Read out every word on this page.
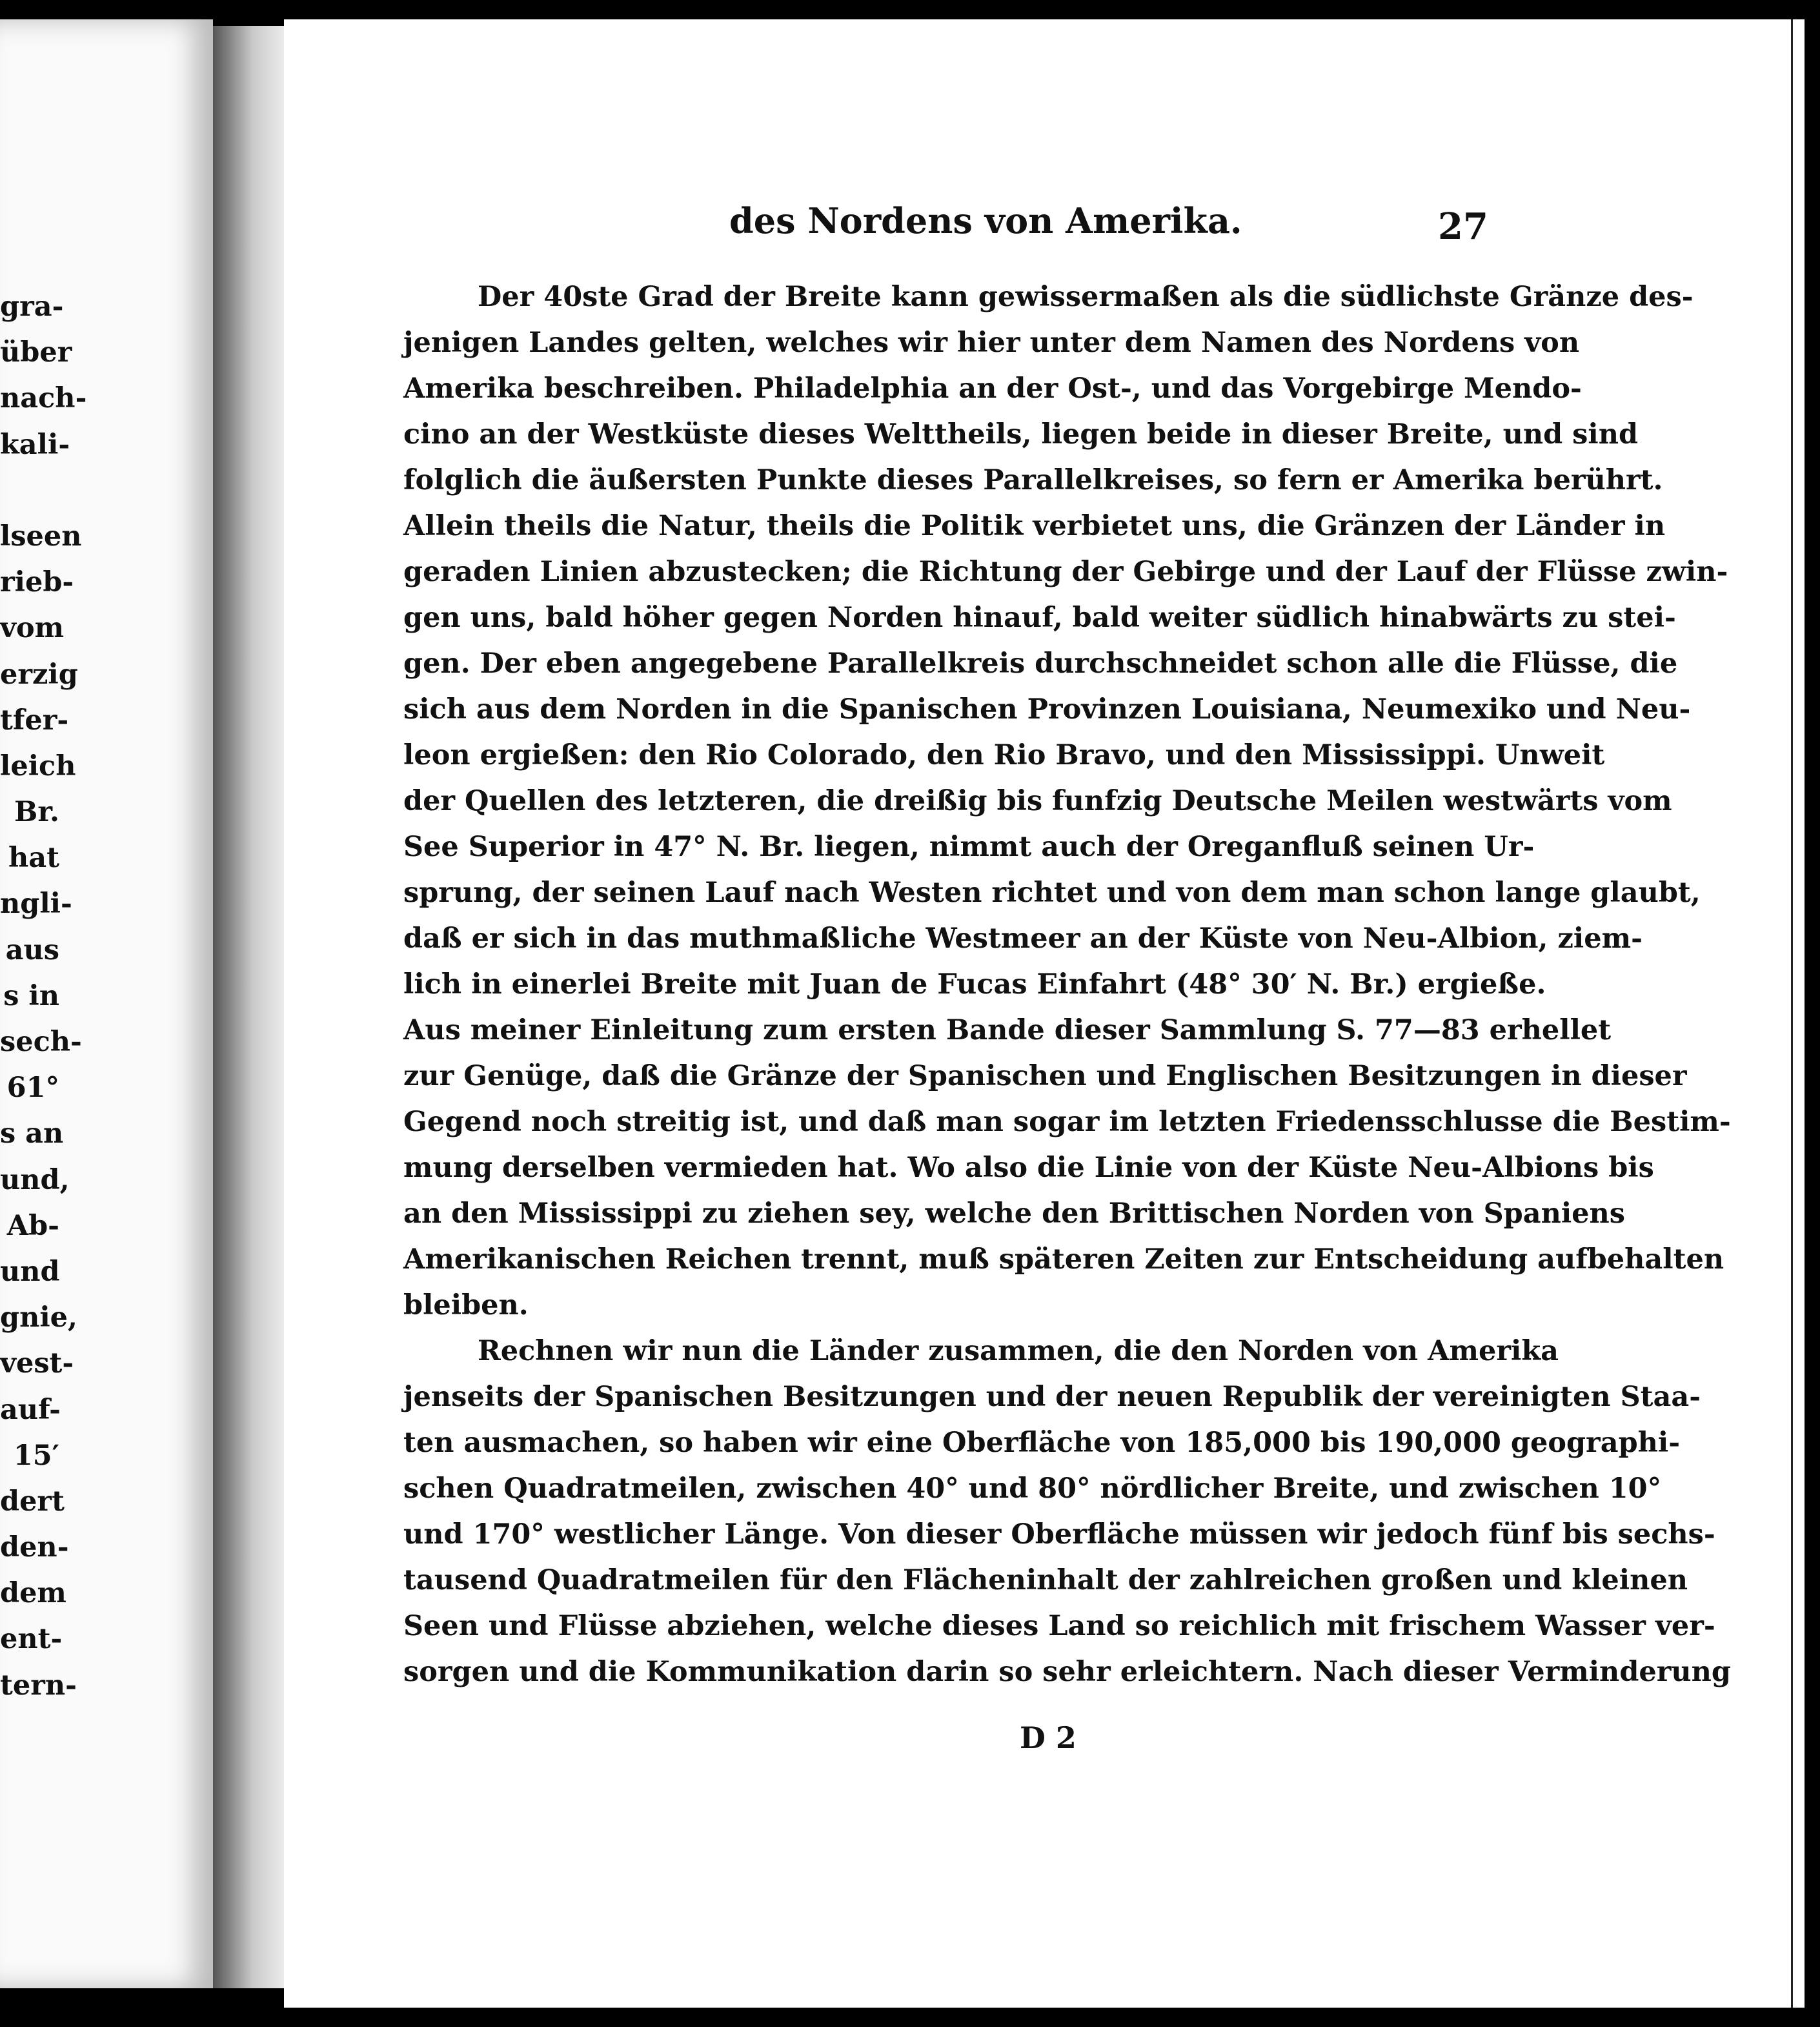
gra-
über
nach-
kali-
lseen
rieb-
vom
erzig
tfer-
leich
Br.
hat
ngli-
aus
s in
sech-
61°
s an
und,
Ab-
und
gnie,
vest-
auf-
15′
dert
den-
dem
ent-
tern-
des Nordens von Amerika.	27
Der 40ste Grad der Breite kann gewissermaßen als die südlichste Gränze des-
jenigen Landes gelten, welches wir hier unter dem Namen des Nordens von
Amerika beschreiben. Philadelphia an der Ost-, und das Vorgebirge Mendo-
cino an der Westküste dieses Welttheils, liegen beide in dieser Breite, und sind
folglich die äußersten Punkte dieses Parallelkreises, so fern er Amerika berührt.
Allein theils die Natur, theils die Politik verbietet uns, die Gränzen der Länder in
geraden Linien abzustecken; die Richtung der Gebirge und der Lauf der Flüsse zwin-
gen uns, bald höher gegen Norden hinauf, bald weiter südlich hinabwärts zu stei-
gen. Der eben angegebene Parallelkreis durchschneidet schon alle die Flüsse, die
sich aus dem Norden in die Spanischen Provinzen Louisiana, Neumexiko und Neu-
leon ergießen: den Rio Colorado, den Rio Bravo, und den Mississippi. Unweit
der Quellen des letzteren, die dreißig bis funfzig Deutsche Meilen westwärts vom
See Superior in 47° N. Br. liegen, nimmt auch der Oreganfluß seinen Ur-
sprung, der seinen Lauf nach Westen richtet und von dem man schon lange glaubt,
daß er sich in das muthmaßliche Westmeer an der Küste von Neu-Albion, ziem-
lich in einerlei Breite mit Juan de Fucas Einfahrt (48° 30′ N. Br.) ergieße.
Aus meiner Einleitung zum ersten Bande dieser Sammlung S. 77—83 erhellet
zur Genüge, daß die Gränze der Spanischen und Englischen Besitzungen in dieser
Gegend noch streitig ist, und daß man sogar im letzten Friedensschlusse die Bestim-
mung derselben vermieden hat. Wo also die Linie von der Küste Neu-Albions bis
an den Mississippi zu ziehen sey, welche den Brittischen Norden von Spaniens
Amerikanischen Reichen trennt, muß späteren Zeiten zur Entscheidung aufbehalten
bleiben.
Rechnen wir nun die Länder zusammen, die den Norden von Amerika
jenseits der Spanischen Besitzungen und der neuen Republik der vereinigten Staa-
ten ausmachen, so haben wir eine Oberfläche von 185,000 bis 190,000 geographi-
schen Quadratmeilen, zwischen 40° und 80° nördlicher Breite, und zwischen 10°
und 170° westlicher Länge. Von dieser Oberfläche müssen wir jedoch fünf bis sechs-
tausend Quadratmeilen für den Flächeninhalt der zahlreichen großen und kleinen
Seen und Flüsse abziehen, welche dieses Land so reichlich mit frischem Wasser ver-
sorgen und die Kommunikation darin so sehr erleichtern. Nach dieser Verminderung
D 2
